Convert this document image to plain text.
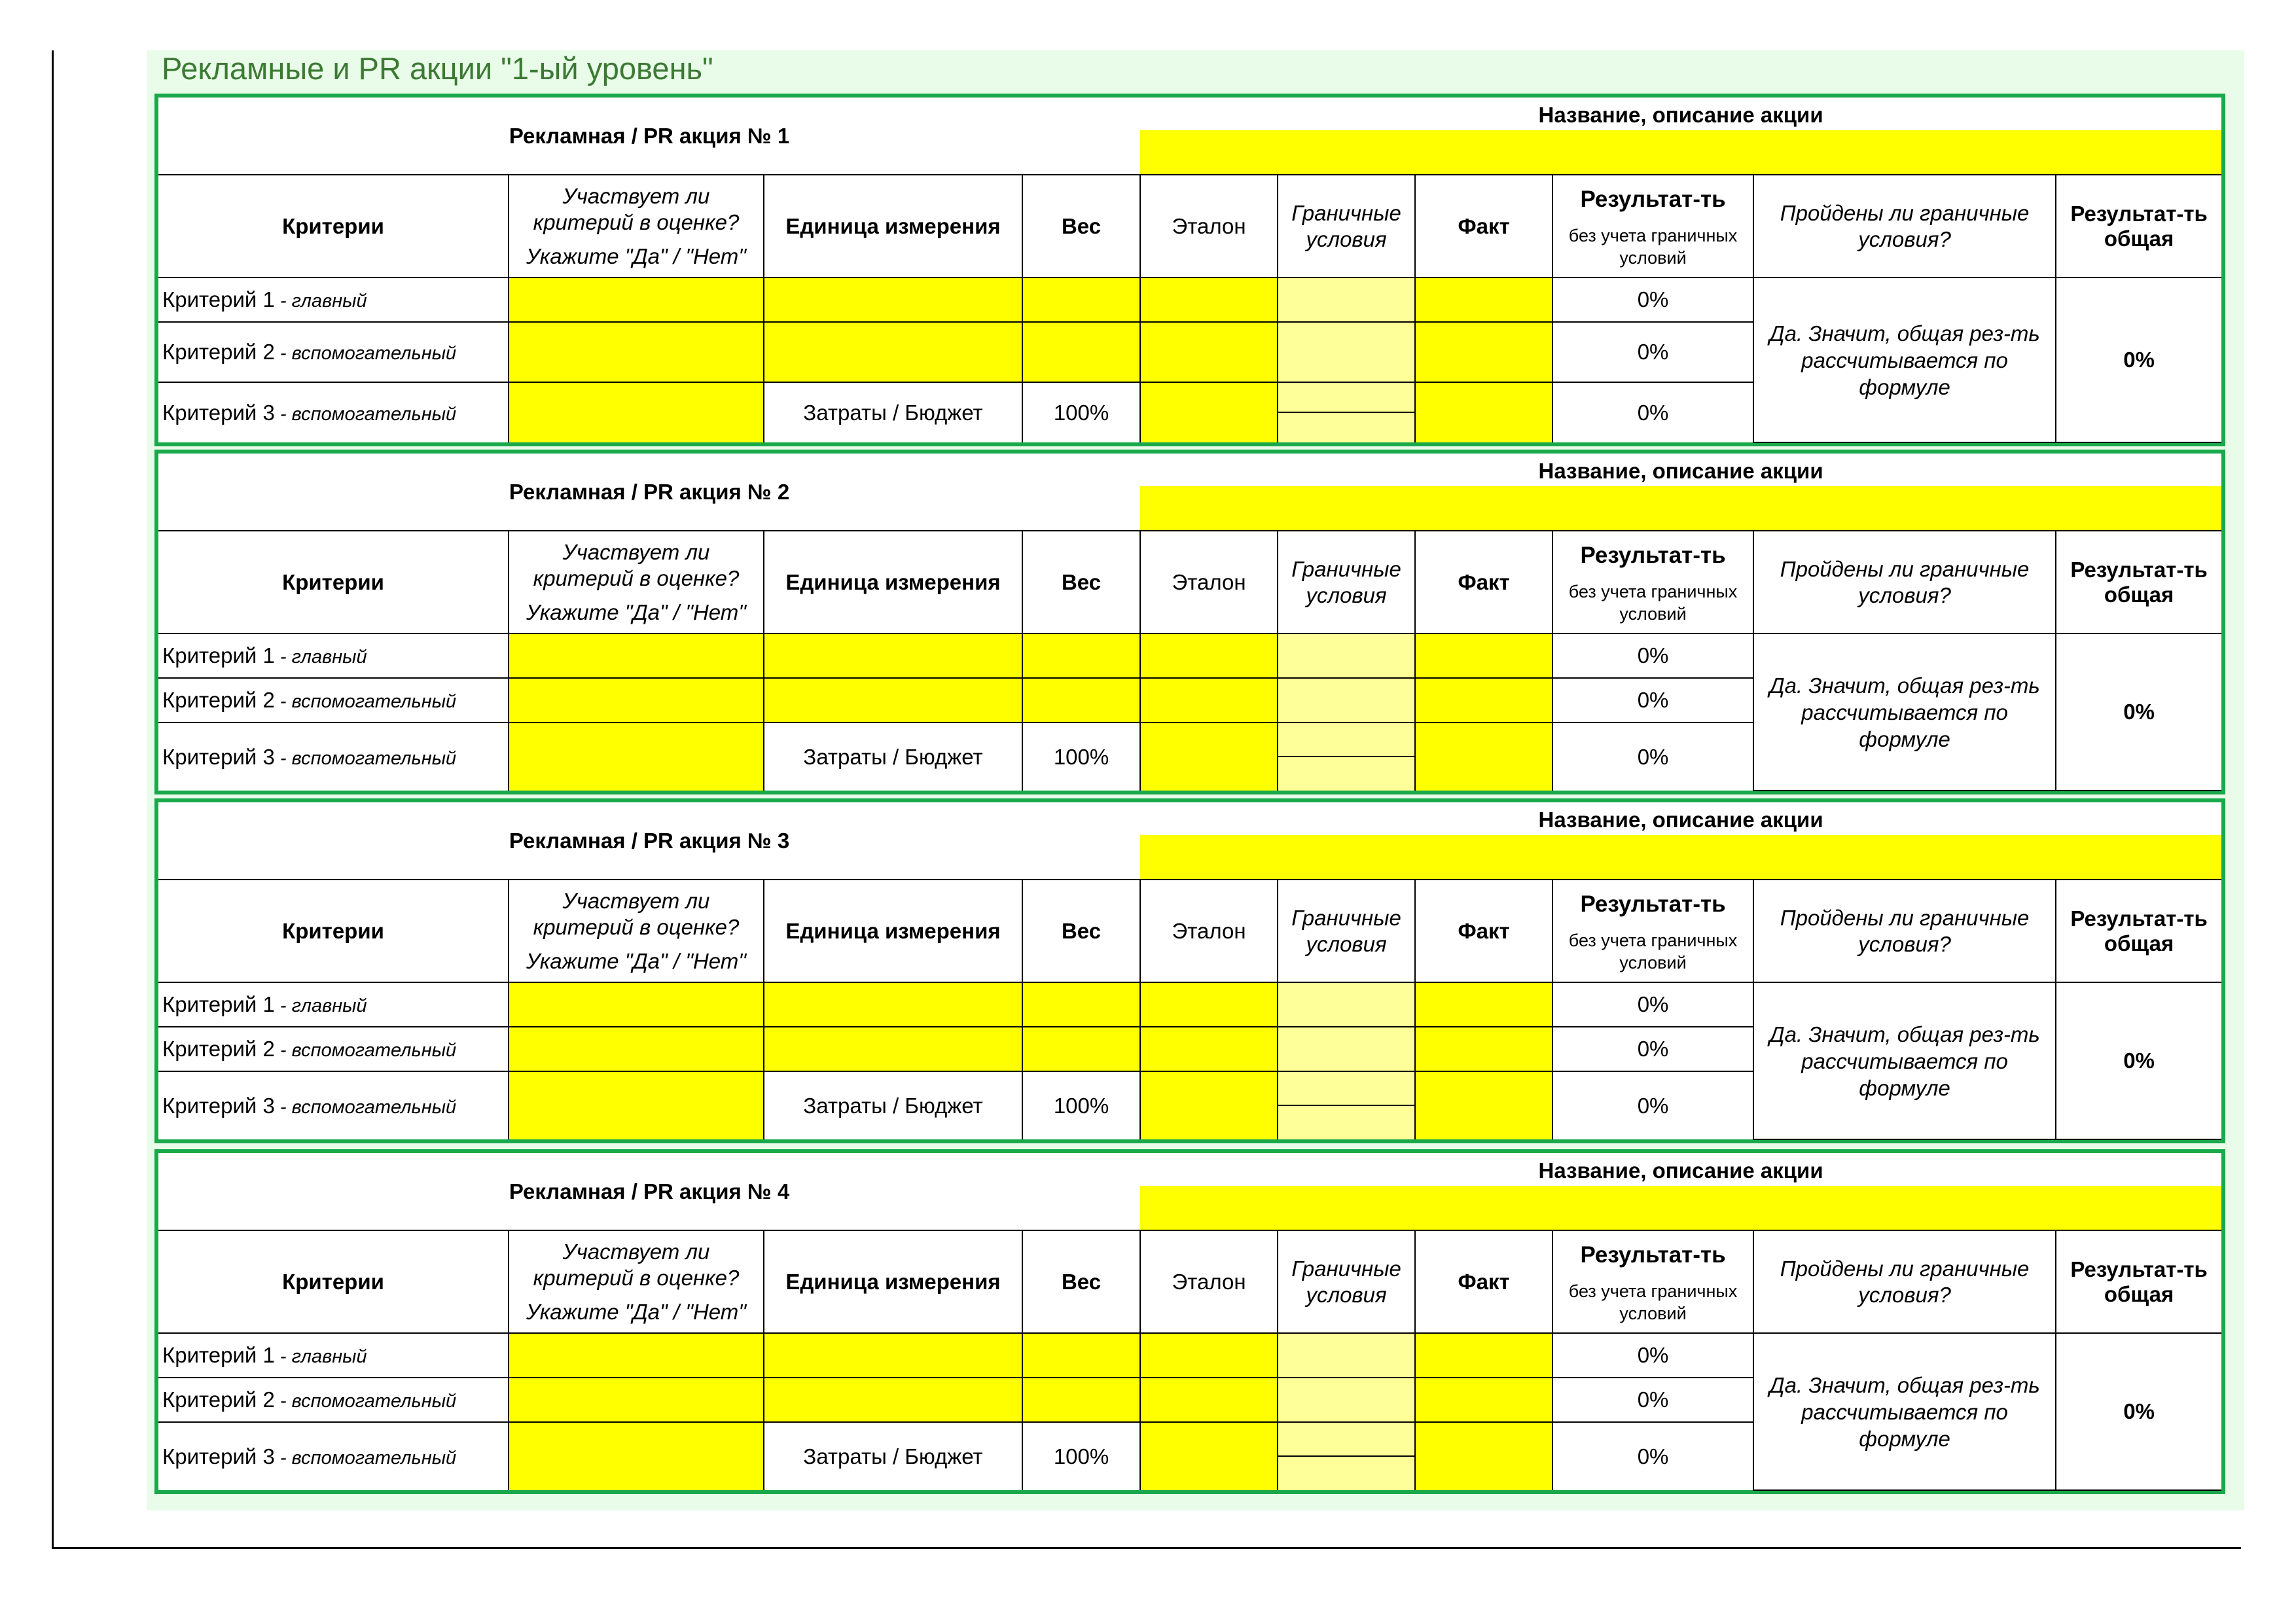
Рекламные и PR акции "1-ый уровень"
Рекламная / PR акция № 1				Название, описание акции					

Критерии	Участвует ли
критерий в оценке?
Укажите "Да" / "Нет"	Единица измерения	Вес	Эталон	Граничные
условия	Факт	Результат-ть
без учета граничных
условий	Пройдены ли граничные
условия?	Результат-ть
общая
Критерий 1 - главный							0%	Да. Значит, общая рез-ть
рассчитывается по
формуле	0%
Критерий 2 - вспомогательный							0%		
Критерий 3 - вспомогательный		Затраты / Бюджет	100%				0%		
Рекламная / PR акция № 2				Название, описание акции					

Критерии	Участвует ли
критерий в оценке?
Укажите "Да" / "Нет"	Единица измерения	Вес	Эталон	Граничные
условия	Факт	Результат-ть
без учета граничных
условий	Пройдены ли граничные
условия?	Результат-ть
общая
Критерий 1 - главный							0%	Да. Значит, общая рез-ть
рассчитывается по
формуле	0%
Критерий 2 - вспомогательный							0%		
Критерий 3 - вспомогательный		Затраты / Бюджет	100%				0%		
Рекламная / PR акция № 3				Название, описание акции					

Критерии	Участвует ли
критерий в оценке?
Укажите "Да" / "Нет"	Единица измерения	Вес	Эталон	Граничные
условия	Факт	Результат-ть
без учета граничных
условий	Пройдены ли граничные
условия?	Результат-ть
общая
Критерий 1 - главный							0%	Да. Значит, общая рез-ть
рассчитывается по
формуле	0%
Критерий 2 - вспомогательный							0%		
Критерий 3 - вспомогательный		Затраты / Бюджет	100%				0%		
Рекламная / PR акция № 4				Название, описание акции					

Критерии	Участвует ли
критерий в оценке?
Укажите "Да" / "Нет"	Единица измерения	Вес	Эталон	Граничные
условия	Факт	Результат-ть
без учета граничных
условий	Пройдены ли граничные
условия?	Результат-ть
общая
Критерий 1 - главный							0%	Да. Значит, общая рез-ть
рассчитывается по
формуле	0%
Критерий 2 - вспомогательный							0%		
Критерий 3 - вспомогательный		Затраты / Бюджет	100%				0%		
